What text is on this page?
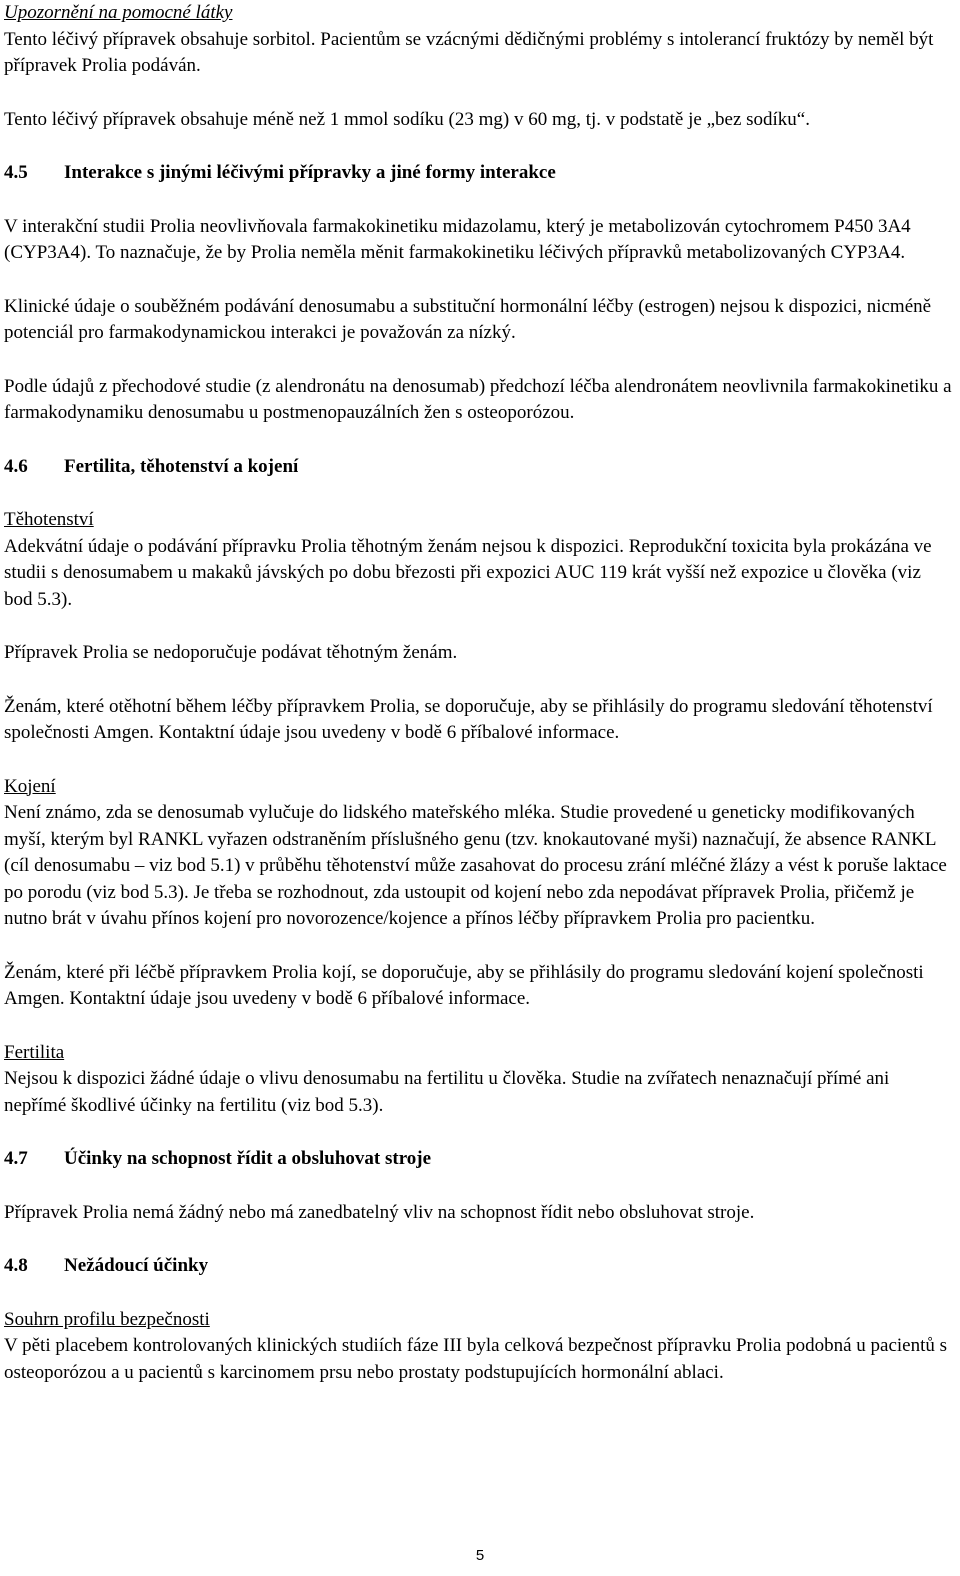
Upozornění na pomocné látky

Tento léčivý přípravek obsahuje sorbitol. Pacientům se vzácnými dědičnými problémy s intolerancí fruktózy by neměl být přípravek Prolia podáván.

Tento léčivý přípravek obsahuje méně než 1 mmol sodíku (23 mg) v 60 mg, tj. v podstatě je „bez sodíku“.

4.5	Interakce s jinými léčivými přípravky a jiné formy interakce

V interakční studii Prolia neovlivňovala farmakokinetiku midazolamu, který je metabolizován cytochromem P450 3A4 (CYP3A4). To naznačuje, že by Prolia neměla měnit farmakokinetiku léčivých přípravků metabolizovaných CYP3A4.

Klinické údaje o souběžném podávání denosumabu a substituční hormonální léčby (estrogen) nejsou k dispozici, nicméně potenciál pro farmakodynamickou interakci je považován za nízký.

Podle údajů z přechodové studie (z alendronátu na denosumab) předchozí léčba alendronátem neovlivnila farmakokinetiku a farmakodynamiku denosumabu u postmenopauzálních žen s osteoporózou.

4.6	Fertilita, těhotenství a kojení

Těhotenství

Adekvátní údaje o podávání přípravku Prolia těhotným ženám nejsou k dispozici. Reprodukční toxicita byla prokázána ve studii s denosumabem u makaků jávských po dobu březosti při expozici AUC 119 krát vyšší než expozice u člověka (viz bod 5.3).

Přípravek Prolia se nedoporučuje podávat těhotným ženám.

Ženám, které otěhotní během léčby přípravkem Prolia, se doporučuje, aby se přihlásily do programu sledování těhotenství společnosti Amgen. Kontaktní údaje jsou uvedeny v bodě 6 příbalové informace.

Kojení

Není známo, zda se denosumab vylučuje do lidského mateřského mléka. Studie provedené u geneticky modifikovaných myší, kterým byl RANKL vyřazen odstraněním příslušného genu (tzv. knokautované myši) naznačují, že absence RANKL (cíl denosumabu – viz bod 5.1) v průběhu těhotenství může zasahovat do procesu zrání mléčné žlázy a vést k poruše laktace po porodu (viz bod 5.3). Je třeba se rozhodnout, zda ustoupit od kojení nebo zda nepodávat přípravek Prolia, přičemž je nutno brát v úvahu přínos kojení pro novorozence/kojence a přínos léčby přípravkem Prolia pro pacientku.

Ženám, které při léčbě přípravkem Prolia kojí, se doporučuje, aby se přihlásily do programu sledování kojení společnosti Amgen. Kontaktní údaje jsou uvedeny v bodě 6 příbalové informace.

Fertilita

Nejsou k dispozici žádné údaje o vlivu denosumabu na fertilitu u člověka. Studie na zvířatech nenaznačují přímé ani nepřímé škodlivé účinky na fertilitu (viz bod 5.3).

4.7	Účinky na schopnost řídit a obsluhovat stroje

Přípravek Prolia nemá žádný nebo má zanedbatelný vliv na schopnost řídit nebo obsluhovat stroje.

4.8	Nežádoucí účinky

Souhrn profilu bezpečnosti

V pěti placebem kontrolovaných klinických studiích fáze III byla celková bezpečnost přípravku Prolia podobná u pacientů s osteoporózou a u pacientů s karcinomem prsu nebo prostaty podstupujících hormonální ablaci.

5
